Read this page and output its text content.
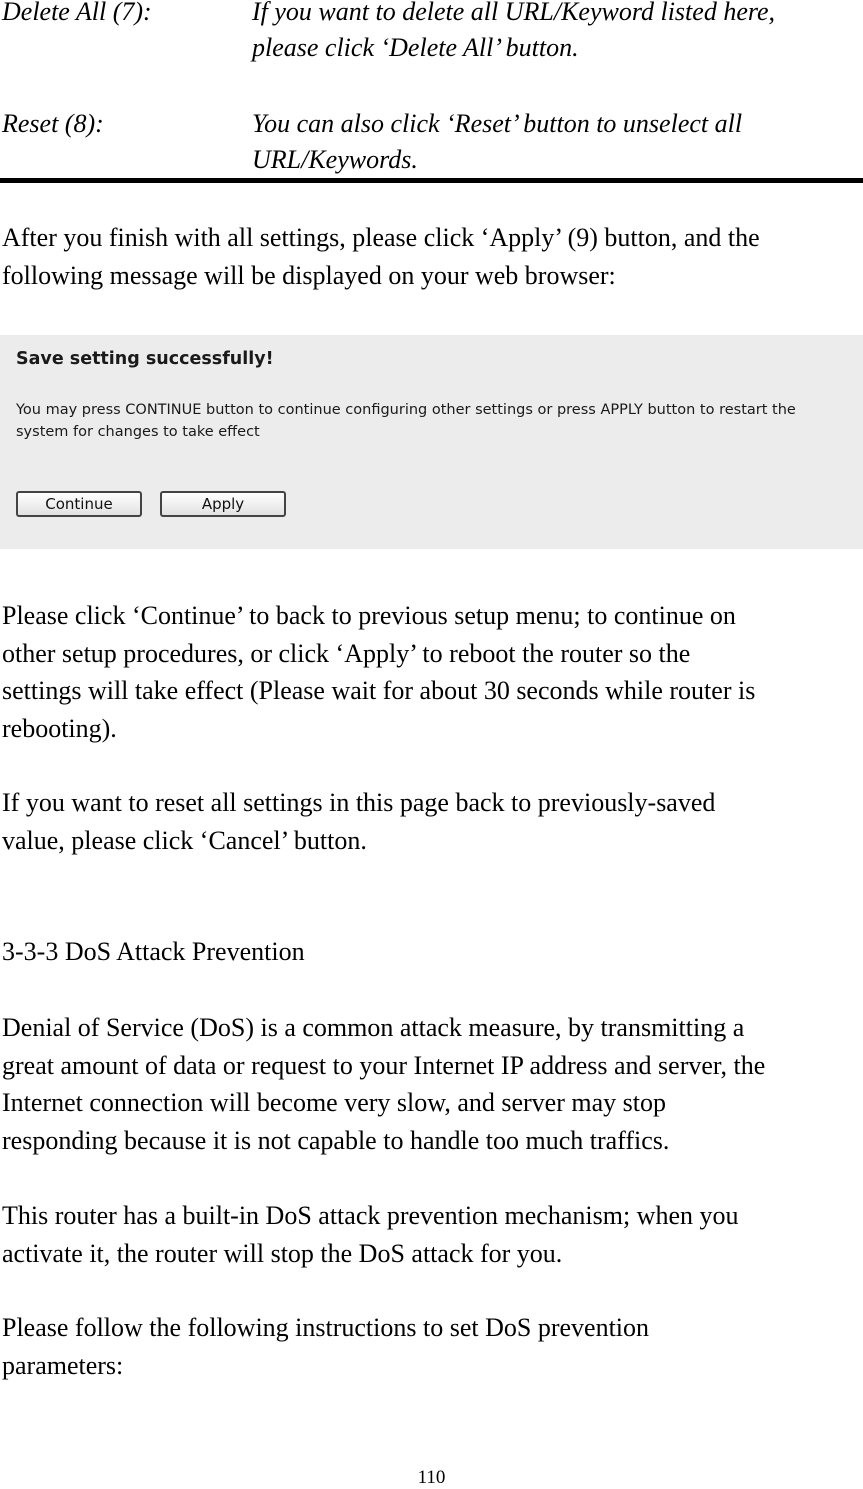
Delete All (7):	If you want to delete all URL/Keyword listed here,
please click ‘Delete All’ button.
Reset (8):	You can also click ‘Reset’ button to unselect all
URL/Keywords.
After you finish with all settings, please click ‘Apply’ (9) button, and the
following message will be displayed on your web browser:
Save setting successfully!
You may press CONTINUE button to continue configuring other settings or press APPLY button to restart the
system for changes to take effect
Continue	Apply
Please click ‘Continue’ to back to previous setup menu; to continue on
other setup procedures, or click ‘Apply’ to reboot the router so the
settings will take effect (Please wait for about 30 seconds while router is
rebooting).
If you want to reset all settings in this page back to previously-saved
value, please click ‘Cancel’ button.
3-3-3 DoS Attack Prevention
Denial of Service (DoS) is a common attack measure, by transmitting a
great amount of data or request to your Internet IP address and server, the
Internet connection will become very slow, and server may stop
responding because it is not capable to handle too much traffics.
This router has a built-in DoS attack prevention mechanism; when you
activate it, the router will stop the DoS attack for you.
Please follow the following instructions to set DoS prevention
parameters:
110
